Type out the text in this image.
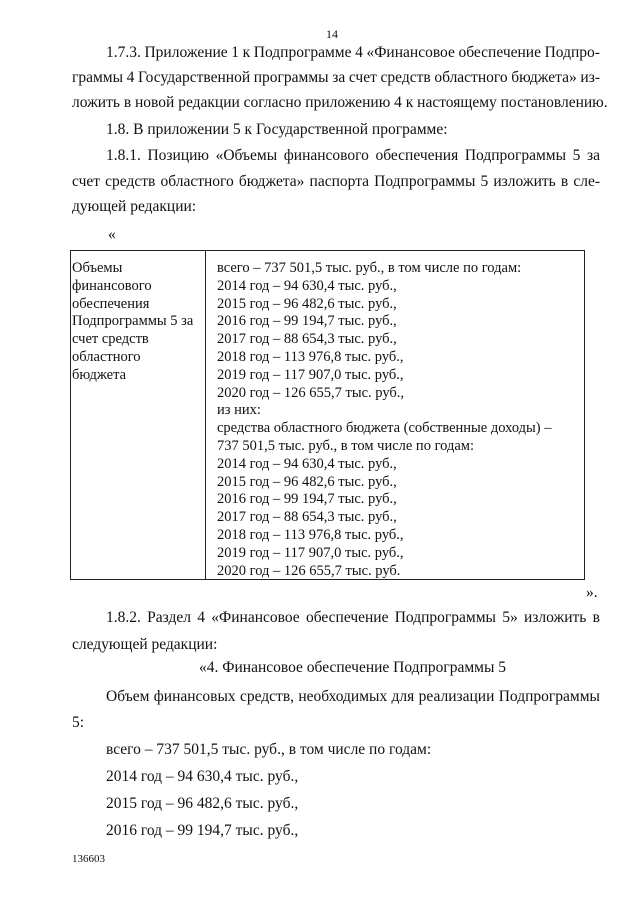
14
1.7.3. Приложение 1 к Подпрограмме 4 «Финансовое обеспечение Подпро-
граммы 4 Государственной программы за счет средств областного бюджета» из-
ложить в новой редакции согласно приложению 4 к настоящему постановлению.
1.8. В приложении 5 к Государственной программе:
1.8.1. Позицию «Объемы финансового обеспечения Подпрограммы 5 за
счет средств областного бюджета» паспорта Подпрограммы 5 изложить в сле-
дующей редакции:
«
Объемы
финансового
обеспечения
Подпрограммы 5 за
счет средств
областного
бюджета
всего – 737 501,5 тыс. руб., в том числе по годам:
2014 год – 94 630,4 тыс. руб.,
2015 год – 96 482,6 тыс. руб.,
2016 год – 99 194,7 тыс. руб.,
2017 год – 88 654,3 тыс. руб.,
2018 год – 113 976,8 тыс. руб.,
2019 год – 117 907,0 тыс. руб.,
2020 год – 126 655,7 тыс. руб.,
из них:
средства областного бюджета (собственные доходы) –
737 501,5 тыс. руб., в том числе по годам:
2014 год – 94 630,4 тыс. руб.,
2015 год – 96 482,6 тыс. руб.,
2016 год – 99 194,7 тыс. руб.,
2017 год – 88 654,3 тыс. руб.,
2018 год – 113 976,8 тыс. руб.,
2019 год – 117 907,0 тыс. руб.,
2020 год – 126 655,7 тыс. руб.
».
1.8.2. Раздел 4 «Финансовое обеспечение Подпрограммы 5» изложить в
следующей редакции:
«4. Финансовое обеспечение Подпрограммы 5
Объем финансовых средств, необходимых для реализации Подпрограммы
5:
всего – 737 501,5 тыс. руб., в том числе по годам:
2014 год – 94 630,4 тыс. руб.,
2015 год – 96 482,6 тыс. руб.,
2016 год – 99 194,7 тыс. руб.,
136603
